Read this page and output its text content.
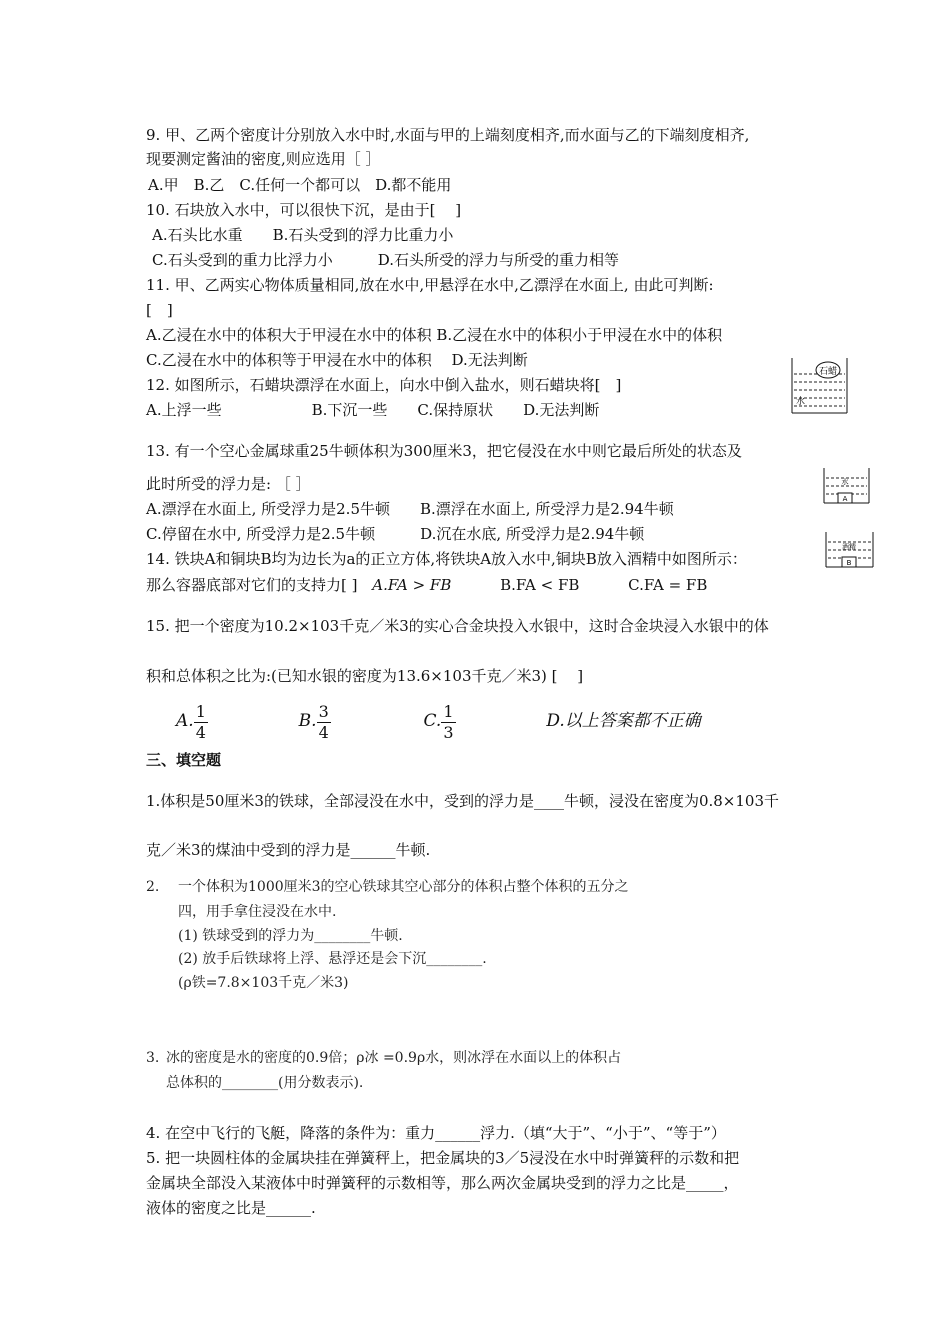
9. 甲、乙两个密度计分别放入水中时,水面与甲的上端刻度相齐,而水面与乙的下端刻度相齐,
现要测定酱油的密度,则应选用［ ］
A.甲　B.乙　C.任何一个都可以　D.都不能用
10. 石块放入水中，可以很快下沉，是由于[　 ]
A.石头比水重　　B.石头受到的浮力比重力小
C.石头受到的重力比浮力小　　　D.石头所受的浮力与所受的重力相等
11. 甲、乙两实心物体质量相同,放在水中,甲悬浮在水中,乙漂浮在水面上, 由此可判断:
[　]
A.乙浸在水中的体积大于甲浸在水中的体积 B.乙浸在水中的体积小于甲浸在水中的体积
C.乙浸在水中的体积等于甲浸在水中的体积　 D.无法判断
12. 如图所示，石蜡块漂浮在水面上，向水中倒入盐水，则石蜡块将[　]
A.上浮一些　　　　　　B.下沉一些　　C.保持原状　　D.无法判断
石蜡
水
13. 有一个空心金属球重25牛顿体积为300厘米3，把它侵没在水中则它最后所处的状态及
此时所受的浮力是: ［ ］
A.漂浮在水面上, 所受浮力是2.5牛顿　　B.漂浮在水面上, 所受浮力是2.94牛顿
C.停留在水中, 所受浮力是2.5牛顿　　　D.沉在水底, 所受浮力是2.94牛顿
A
水
B
酒精
14. 铁块A和铜块B均为边长为a的正立方体,将铁块A放入水中,铜块B放入酒精中如图所示：
那么容器底部对它们的支持力[ ] A.FA > FB	B.FA < FB	C.FA = FB
15. 把一个密度为10.2×103千克／米3的实心合金块投入水银中，这时合金块浸入水银中的体
积和总体积之比为:(已知水银的密度为13.6×103千克／米3) [　 ]
A. $\frac{1}{4}$	B. $\frac{3}{4}$	C. $\frac{1}{3}$	D.以上答案都不正确
三、填空题
1.体积是50厘米3的铁球，全部浸没在水中，受到的浮力是____牛顿，浸没在密度为0.8×103千
克／米3的煤油中受到的浮力是______牛顿.
2. 一个体积为1000厘米3的空心铁球其空心部分的体积占整个体积的五分之
四，用手拿住浸没在水中.
(1) 铁球受到的浮力为________牛顿.
(2) 放手后铁球将上浮、悬浮还是会下沉________.
(ρ铁=7.8×103千克／米3)
3. 冰的密度是水的密度的0.9倍；ρ冰 =0.9ρ水，则冰浮在水面以上的体积占
总体积的________(用分数表示).
4. 在空中飞行的飞艇，降落的条件为：重力______浮力.（填“大于”、“小于”、“等于”）
5. 把一块圆柱体的金属块挂在弹簧秤上，把金属块的3／5浸没在水中时弹簧秤的示数和把
金属块全部没入某液体中时弹簧秤的示数相等，那么两次金属块受到的浮力之比是_____，
液体的密度之比是______.
